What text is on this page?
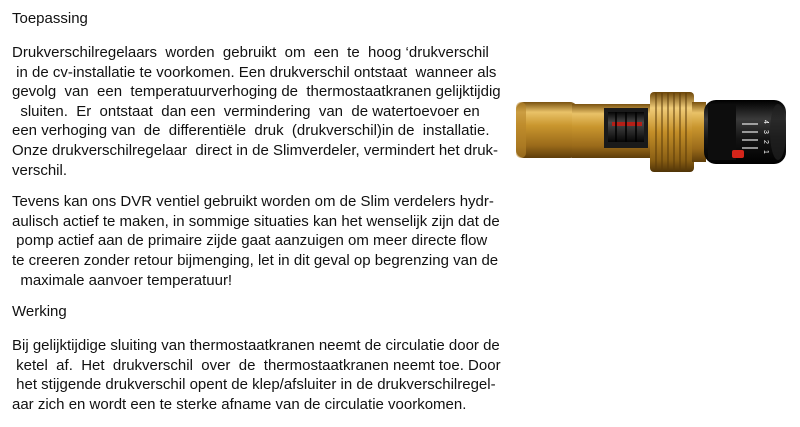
Toepassing
Drukverschilregelaars  worden  gebruikt  om  een  te  hoog ‘drukverschil
in de cv-installatie te voorkomen. Een drukverschil ontstaat  wanneer als
gevolg  van  een  temperatuurverhoging de  thermostaatkranen gelijktijdig
sluiten.  Er  ontstaat  dan een  vermindering  van  de watertoevoer en
een verhoging van  de  differentiële  druk  (drukverschil)in de  installatie.
Onze drukverschilregelaar  direct in de Slimverdeler, vermindert het druk-
verschil.
Tevens kan ons DVR ventiel gebruikt worden om de Slim verdelers hydr-
aulisch actief te maken, in sommige situaties kan het wenselijk zijn dat de
pomp actief aan de primaire zijde gaat aanzuigen om meer directe flow
te creeren zonder retour bijmenging, let in dit geval op begrenzing van de
maximale aanvoer temperatuur!
Werking
Bij gelijktijdige sluiting van thermostaatkranen neemt de circulatie door de
ketel  af.  Het  drukverschil  over  de  thermostaatkranen neemt toe. Door
het stijgende drukverschil opent de klep/afsluiter in de drukverschilregel-
aar zich en wordt een te sterke afname van de circulatie voorkomen.
4
3
2
1
